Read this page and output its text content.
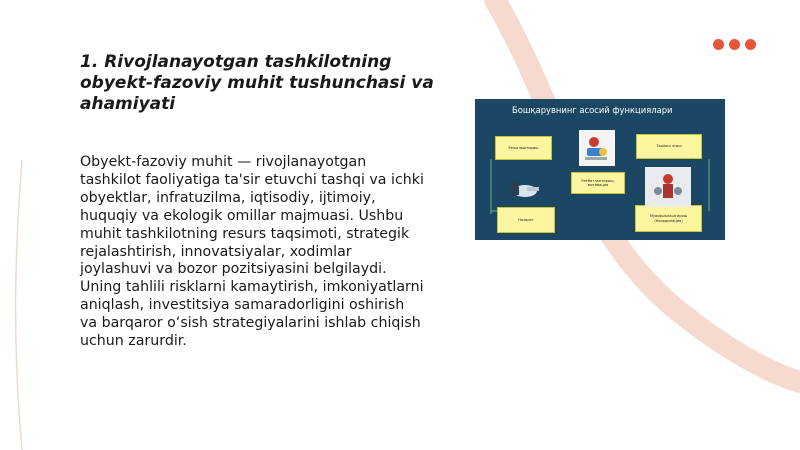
1. Rivojlanayotgan tashkilotning obyekt-fazoviy muhit tushunchasi va ahamiyati

Obyekt-fazoviy muhit — rivojlanayotgan tashkilot faoliyatiga ta'sir etuvchi tashqi va ichki obyektlar, infratuzilma, iqtisodiy, ijtimoiy, huquqiy va ekologik omillar majmuasi. Ushbu muhit tashkilotning resurs taqsimoti, strategik rejalashtirish, innovatsiyalar, xodimlar joylashuvi va bozor pozitsiyasini belgilaydi. Uning tahlili risklarni kamaytirish, imkoniyatlarni aniqlash, investitsiya samaradorligini oshirish va barqaror o‘sish strategiyalarini ishlab chiqish uchun zarurdir.

Бошқарувнинг асосий функциялари
Режалаштириш	Ташкил этиш
Рағбатлантириш, мотивация
Назорат
Мувофиқлаштириш (Координация)
